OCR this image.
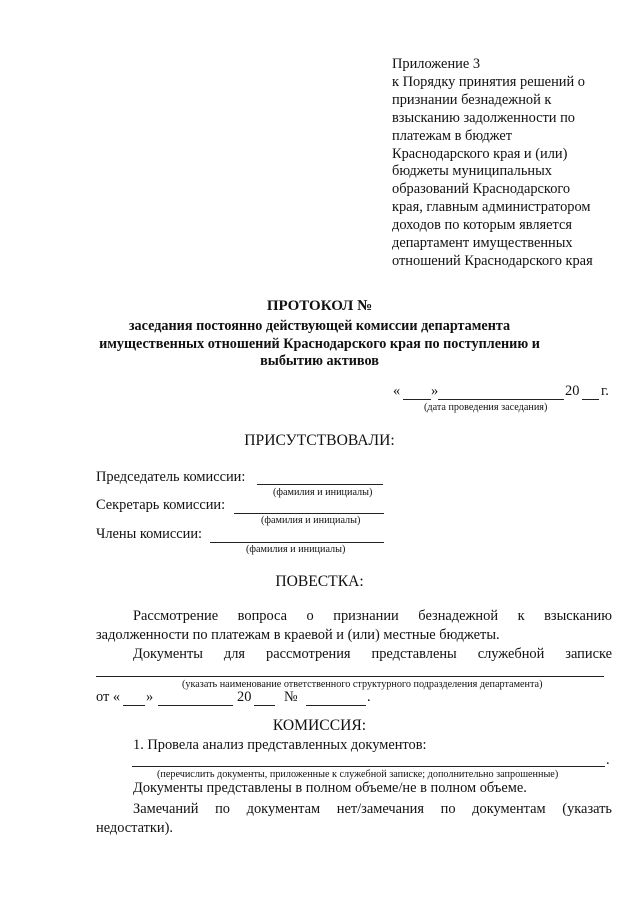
Приложение 3
к Порядку принятия решений о
признании безнадежной к
взысканию задолженности по
платежам в бюджет
Краснодарского края и (или)
бюджеты муниципальных
образований Краснодарского
края, главным администратором
доходов по которым является
департамент имущественных
отношений Краснодарского края
ПРОТОКОЛ №
заседания постоянно действующей комиссии департамента
имущественных отношений Краснодарского края по поступлению и
выбытию активов
« »	20 г.
(дата проведения заседания)
ПРИСУТСТВОВАЛИ:
Председатель комиссии:
(фамилия и инициалы)
Секретарь комиссии:
(фамилия и инициалы)
Члены комиссии:
(фамилия и инициалы)
ПОВЕСТКА:
Рассмотрение вопроса о признании безнадежной к взысканию задолженности по платежам в краевой и (или) местные бюджеты.
Документы для рассмотрения представлены служебной записке
(указать наименование ответственного структурного подразделения департамента)
от « »	20 №	.
КОМИССИЯ:
1. Провела анализ представленных документов:
.
(перечислить документы, приложенные к служебной записке; дополнительно запрошенные)
Документы представлены в полном объеме/не в полном объеме.
Замечаний по документам нет/замечания по документам (указать недостатки).
